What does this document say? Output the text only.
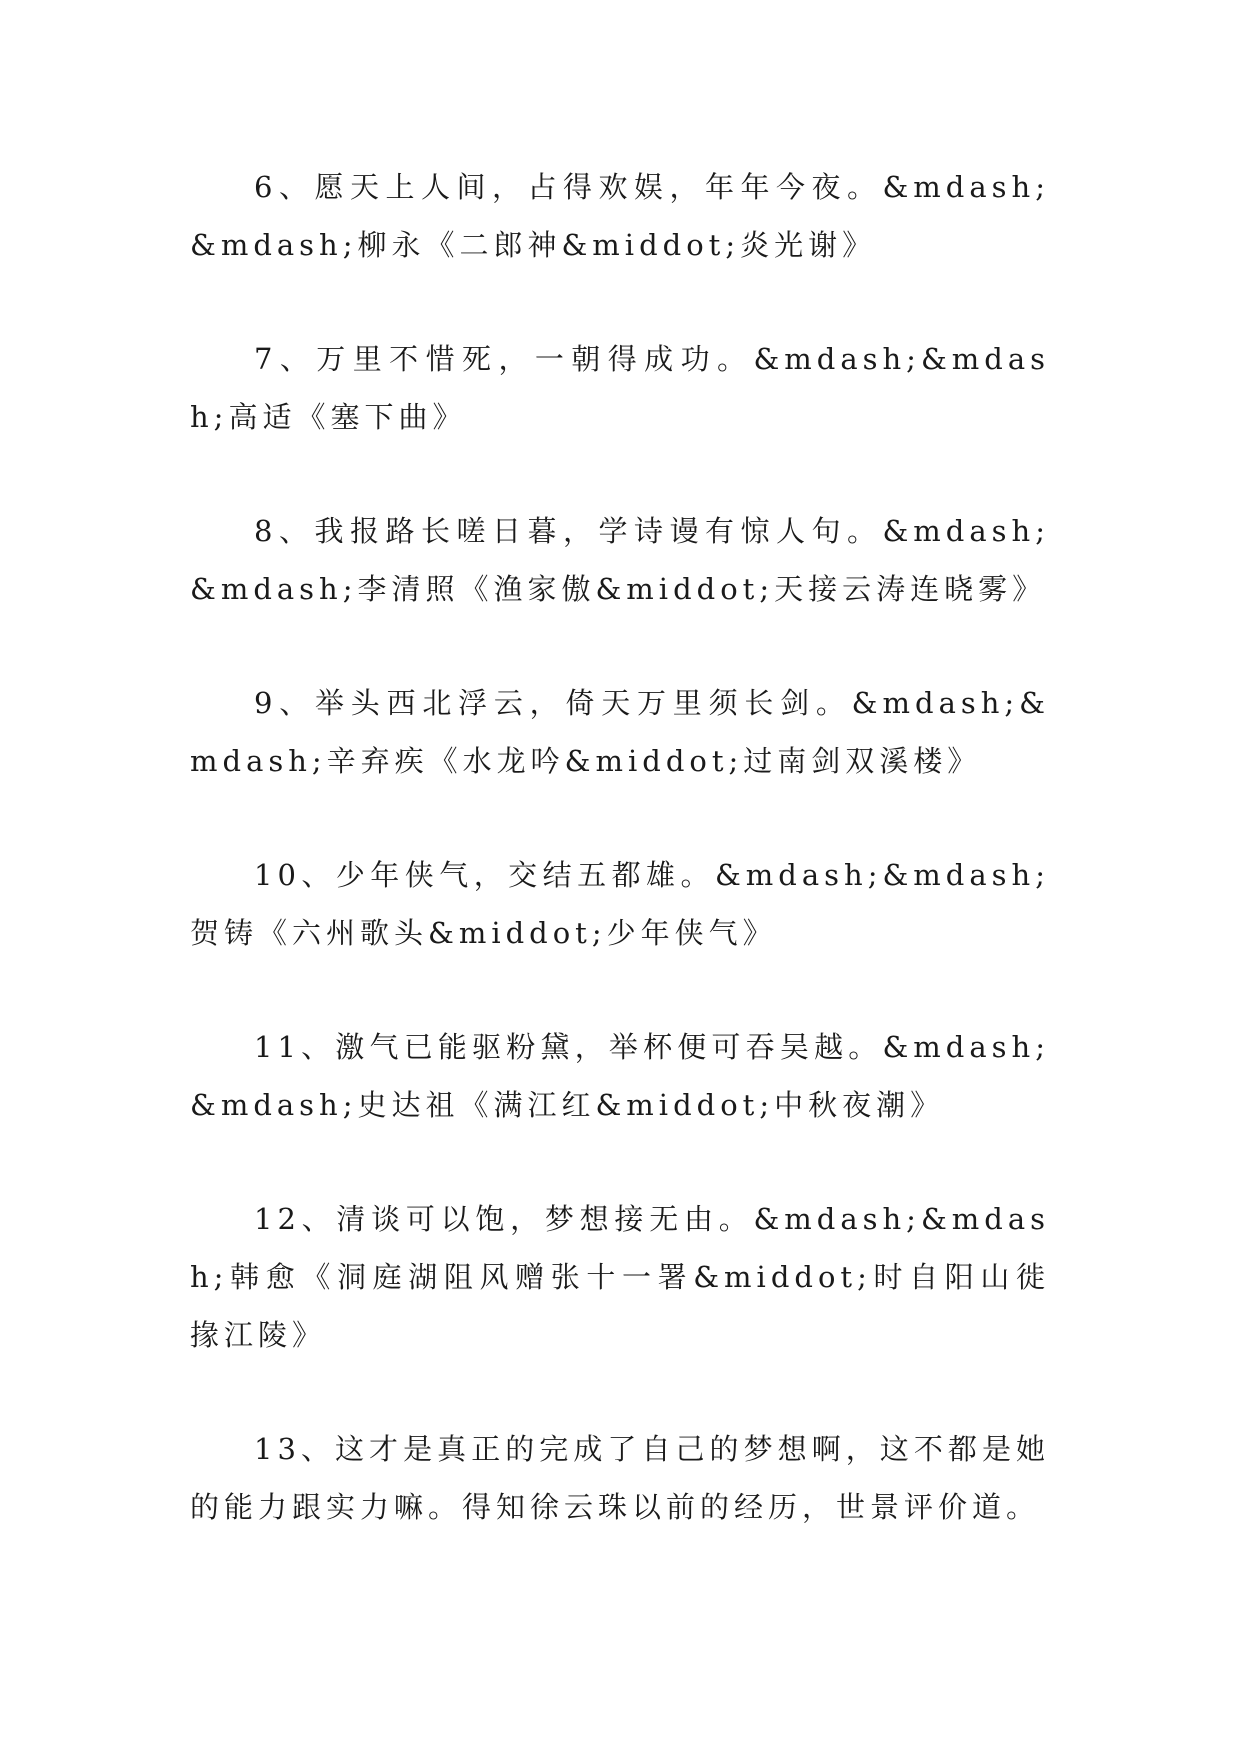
6、愿天上人间，占得欢娱，年年今夜。&mdash;&mdash;柳永《二郎神&middot;炎光谢》
7、万里不惜死，一朝得成功。&mdash;&mdash;高适《塞下曲》
8、我报路长嗟日暮，学诗谩有惊人句。&mdash;&mdash;李清照《渔家傲&middot;天接云涛连晓雾》
9、举头西北浮云，倚天万里须长剑。&mdash;&mdash;辛弃疾《水龙吟&middot;过南剑双溪楼》
10、少年侠气，交结五都雄。&mdash;&mdash;贺铸《六州歌头&middot;少年侠气》
11、激气已能驱粉黛，举杯便可吞吴越。&mdash;&mdash;史达祖《满江红&middot;中秋夜潮》
12、清谈可以饱，梦想接无由。&mdash;&mdash;韩愈《洞庭湖阻风赠张十一署&middot;时自阳山徙掾江陵》
13、这才是真正的完成了自己的梦想啊，这不都是她的能力跟实力嘛。得知徐云珠以前的经历，世景评价道。
